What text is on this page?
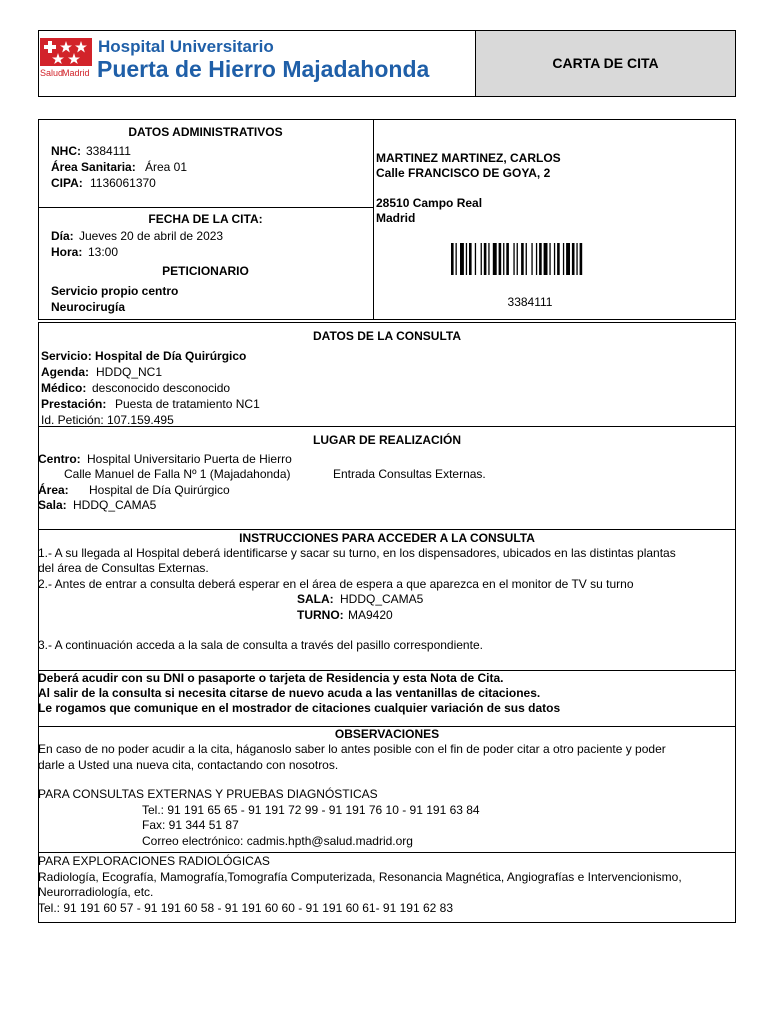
CARTA DE CITA
Salud
Madrid
Hospital Universitario
Puerta de Hierro Majadahonda
DATOS ADMINISTRATIVOS
NHC: 3384111
Área Sanitaria: Área 01
CIPA: 1136061370
FECHA DE LA CITA:
Día: Jueves 20 de abril de 2023
Hora: 13:00
PETICIONARIO
Servicio propio centro
Neurocirugía
MARTINEZ MARTINEZ, CARLOS
Calle FRANCISCO DE GOYA, 2
28510 Campo Real
Madrid
3384111
DATOS DE LA CONSULTA
Servicio: Hospital de Día Quirúrgico
Agenda: HDDQ_NC1
Médico: desconocido desconocido
Prestación: Puesta de tratamiento NC1
Id. Petición: 107.159.495
LUGAR DE REALIZACIÓN
Centro: Hospital Universitario Puerta de Hierro
Calle Manuel de Falla Nº 1 (Majadahonda)	Entrada Consultas Externas.
Área: Hospital de Día Quirúrgico
Sala: HDDQ_CAMA5
INSTRUCCIONES PARA ACCEDER A LA CONSULTA
1.- A su llegada al Hospital deberá identificarse y sacar su turno, en los dispensadores, ubicados en las distintas plantas
del área de Consultas Externas.
2.- Antes de entrar a consulta deberá esperar en el área de espera a que aparezca en el monitor de TV su turno
SALA: HDDQ_CAMA5
TURNO: MA9420
3.- A continuación acceda a la sala de consulta a través del pasillo correspondiente.
Deberá acudir con su DNI o pasaporte o tarjeta de Residencia y esta Nota de Cita.
Al salir de la consulta si necesita citarse de nuevo acuda a las ventanillas de citaciones.
Le rogamos que comunique en el mostrador de citaciones cualquier variación de sus datos
OBSERVACIONES
En caso de no poder acudir a la cita, háganoslo saber lo antes posible con el fin de poder citar a otro paciente y poder
darle a Usted una nueva cita, contactando con nosotros.
PARA CONSULTAS EXTERNAS Y PRUEBAS DIAGNÓSTICAS
Tel.: 91 191 65 65 - 91 191 72 99 - 91 191 76 10 - 91 191 63 84
Fax: 91 344 51 87
Correo electrónico: cadmis.hpth@salud.madrid.org
PARA EXPLORACIONES RADIOLÓGICAS
Radiología, Ecografía, Mamografía,Tomografía Computerizada, Resonancia Magnética, Angiografías e Intervencionismo,
Neurorradiología, etc.
Tel.: 91 191 60 57 - 91 191 60 58 - 91 191 60 60 - 91 191 60 61- 91 191 62 83
